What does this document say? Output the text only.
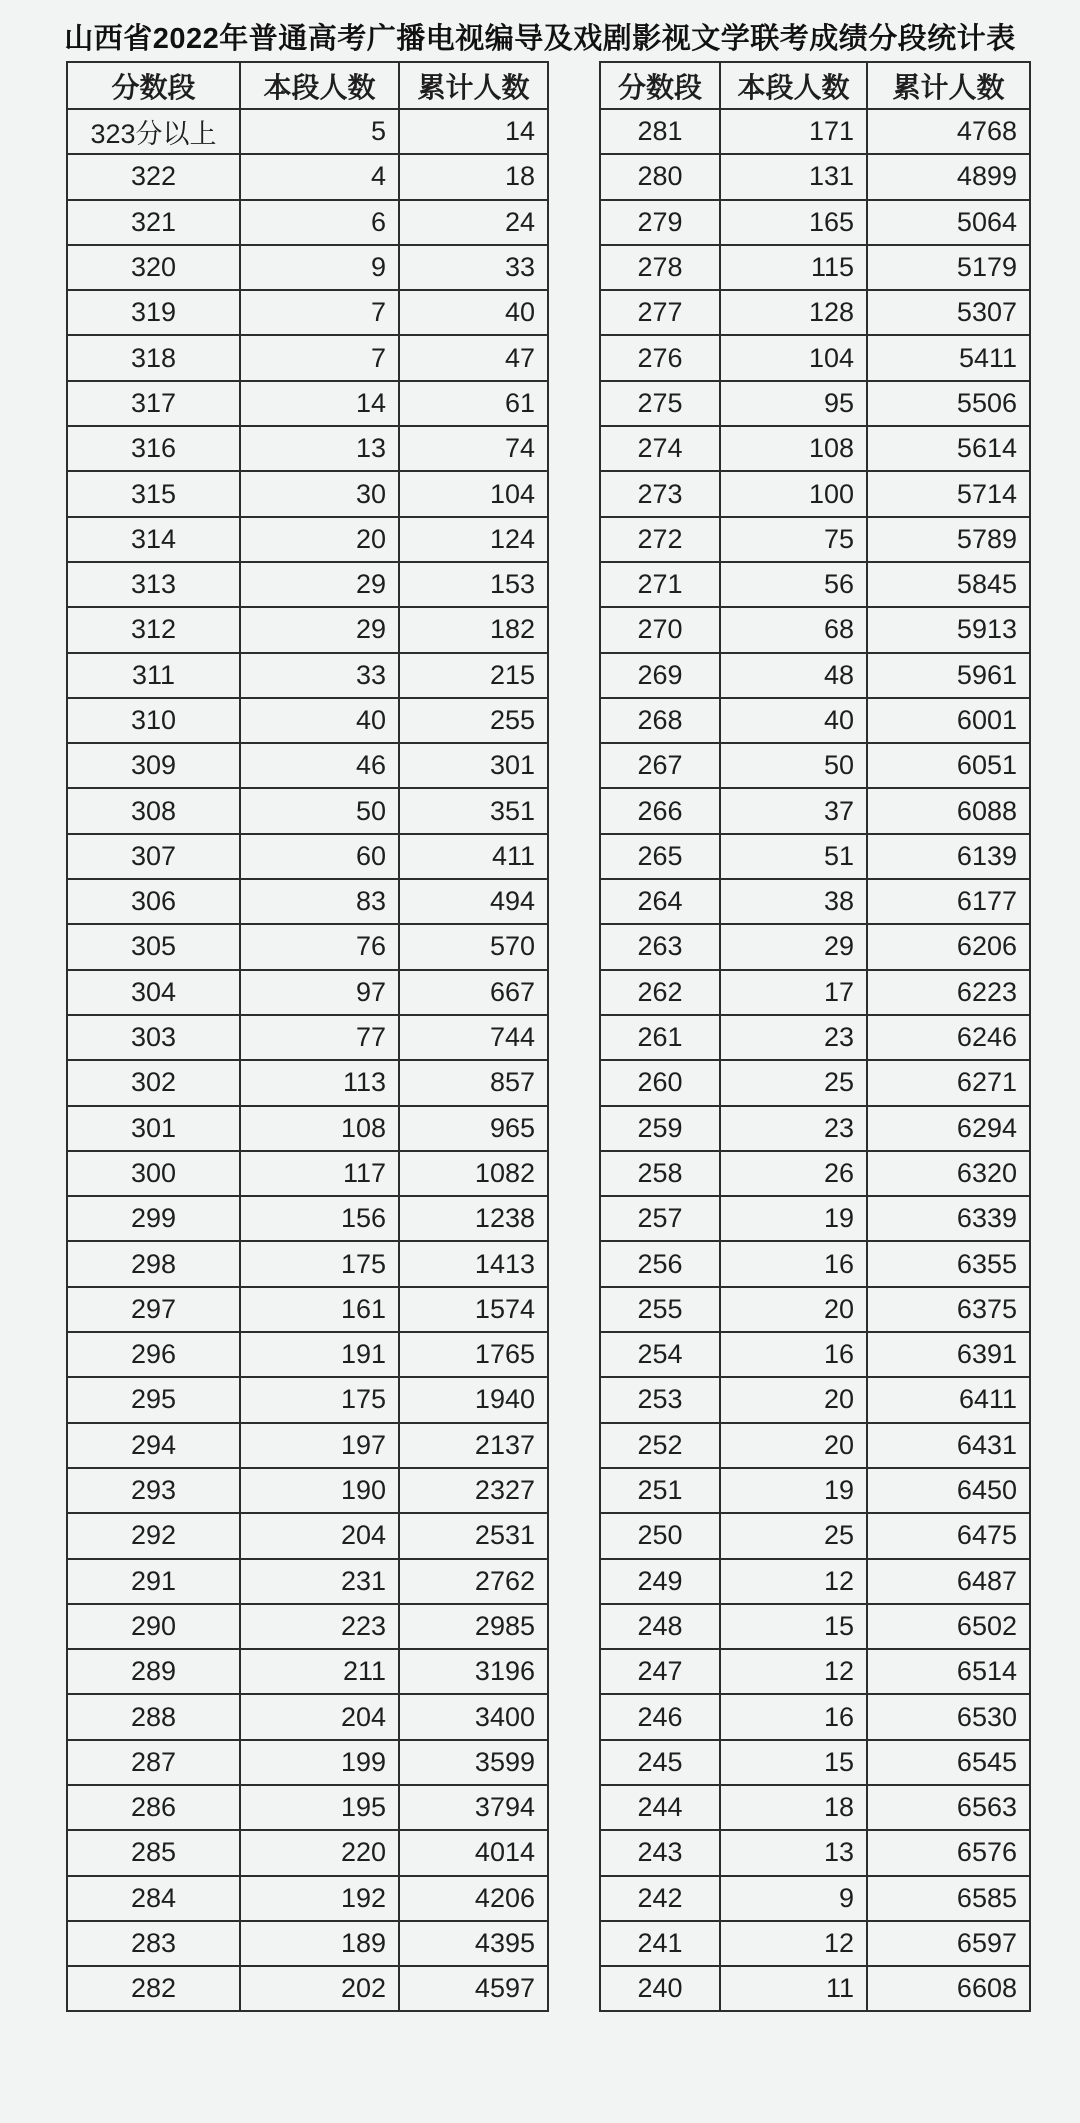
山西省2022年普通高考广播电视编导及戏剧影视文学联考成绩分段统计表
分数段	本段人数	累计人数
323分以上	5	14
322	4	18
321	6	24
320	9	33
319	7	40
318	7	47
317	14	61
316	13	74
315	30	104
314	20	124
313	29	153
312	29	182
311	33	215
310	40	255
309	46	301
308	50	351
307	60	411
306	83	494
305	76	570
304	97	667
303	77	744
302	113	857
301	108	965
300	117	1082
299	156	1238
298	175	1413
297	161	1574
296	191	1765
295	175	1940
294	197	2137
293	190	2327
292	204	2531
291	231	2762
290	223	2985
289	211	3196
288	204	3400
287	199	3599
286	195	3794
285	220	4014
284	192	4206
283	189	4395
282	202	4597
分数段	本段人数	累计人数
281	171	4768
280	131	4899
279	165	5064
278	115	5179
277	128	5307
276	104	5411
275	95	5506
274	108	5614
273	100	5714
272	75	5789
271	56	5845
270	68	5913
269	48	5961
268	40	6001
267	50	6051
266	37	6088
265	51	6139
264	38	6177
263	29	6206
262	17	6223
261	23	6246
260	25	6271
259	23	6294
258	26	6320
257	19	6339
256	16	6355
255	20	6375
254	16	6391
253	20	6411
252	20	6431
251	19	6450
250	25	6475
249	12	6487
248	15	6502
247	12	6514
246	16	6530
245	15	6545
244	18	6563
243	13	6576
242	9	6585
241	12	6597
240	11	6608
